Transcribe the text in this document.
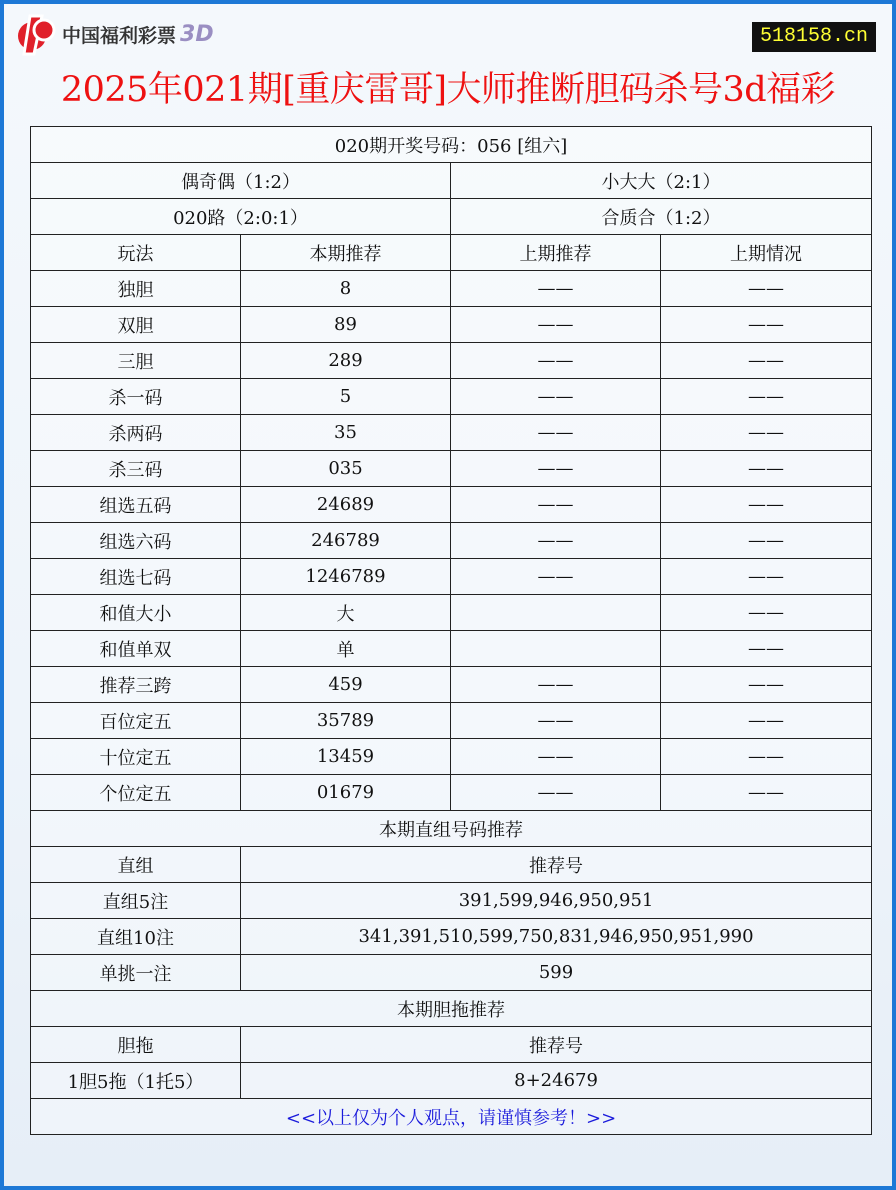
中国福利彩票 3D	518158.cn
2025年021期[重庆雷哥]大师推断胆码杀号3d福彩
020期开奖号码：056 [组六]			
偶奇偶（1:2）		小大大（2:1）	
020路（2:0:1）		合质合（1:2）	
玩法	本期推荐	上期推荐	上期情况
独胆	8	——	——
双胆	89	——	——
三胆	289	——	——
杀一码	5	——	——
杀两码	35	——	——
杀三码	035	——	——
组选五码	24689	——	——
组选六码	246789	——	——
组选七码	1246789	——	——
和值大小	大		——
和值单双	单		——
推荐三跨	459	——	——
百位定五	35789	——	——
十位定五	13459	——	——
个位定五	01679	——	——
本期直组号码推荐			
直组	推荐号		
直组5注	391,599,946,950,951		
直组10注	341,391,510,599,750,831,946,950,951,990		
单挑一注	599		
本期胆拖推荐			
胆拖	推荐号		
1胆5拖（1托5）	8+24679		
<<以上仅为个人观点，请谨慎参考！>>			
